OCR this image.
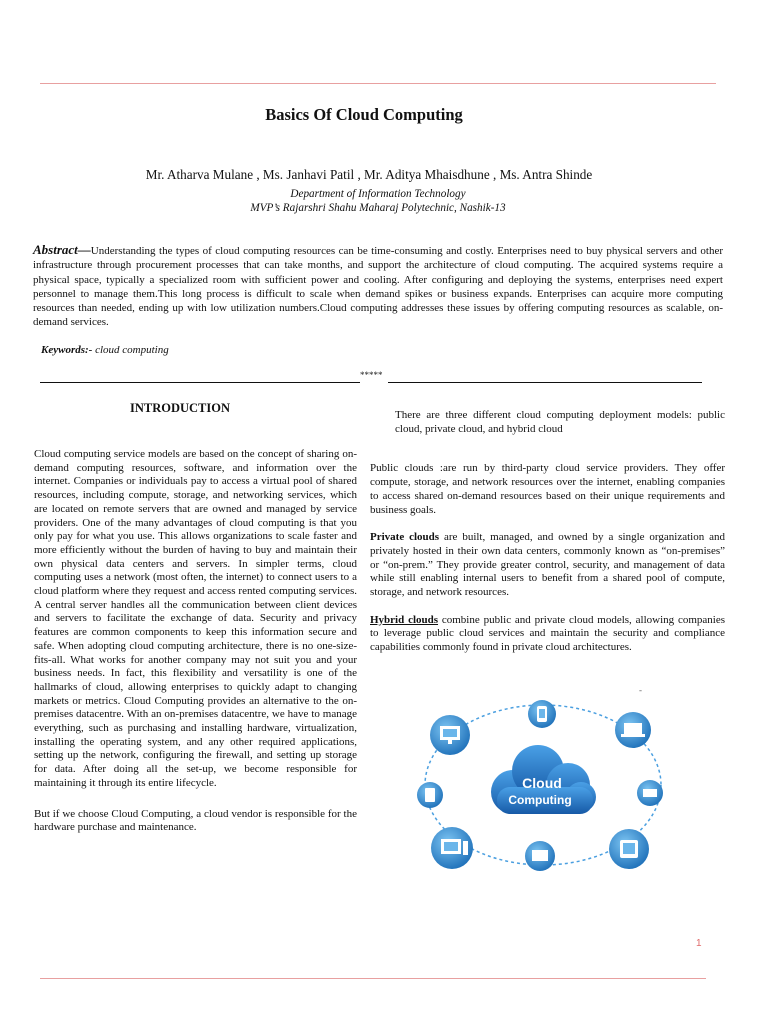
Basics Of Cloud Computing
Mr. Atharva Mulane , Ms. Janhavi Patil , Mr. Aditya Mhaisdhune , Ms. Antra Shinde
Department of Information Technology
MVP’s Rajarshri Shahu Maharaj Polytechnic, Nashik-13
Abstract—Understanding the types of cloud computing resources can be time-consuming and costly. Enterprises need to buy physical servers and other infrastructure through procurement processes that can take months, and support the architecture of cloud computing. The acquired systems require a physical space, typically a specialized room with sufficient power and cooling. After configuring and deploying the systems, enterprises need expert personnel to manage them.This long process is difficult to scale when demand spikes or business expands. Enterprises can acquire more computing resources than needed, ending up with low utilization numbers.Cloud computing addresses these issues by offering computing resources as scalable, on-demand services.
Keywords:- cloud computing
*****
INTRODUCTION

Cloud computing service models are based on the concept of sharing on-demand computing resources, software, and information over the internet. Companies or individuals pay to access a virtual pool of shared resources, including compute, storage, and networking services, which are located on remote servers that are owned and managed by service providers. One of the many advantages of cloud computing is that you only pay for what you use. This allows organizations to scale faster and more efficiently without the burden of having to buy and maintain their own physical data centers and servers. In simpler terms, cloud computing uses a network (most often, the internet) to connect users to a cloud platform where they request and access rented computing services. A central server handles all the communication between client devices and servers to facilitate the exchange of data. Security and privacy features are common components to keep this information secure and safe. When adopting cloud computing architecture, there is no one-size-fits-all. What works for another company may not suit you and your business needs. In fact, this flexibility and versatility is one of the hallmarks of cloud, allowing enterprises to quickly adapt to changing markets or metrics. Cloud Computing provides an alternative to the on-premises datacentre. With an on-premises datacentre, we have to manage everything, such as purchasing and installing hardware, virtualization, installing the operating system, and any other required applications, setting up the network, configuring the firewall, and setting up storage for data. After doing all the set-up, we become responsible for maintaining it through its entire lifecycle.

But if we choose Cloud Computing, a cloud vendor is responsible for the hardware purchase and maintenance.

There are three different cloud computing deployment models: public cloud, private cloud, and hybrid cloud

Public clouds :are run by third-party cloud service providers. They offer compute, storage, and network resources over the internet, enabling companies to access shared on-demand resources based on their unique requirements and business goals.

Private clouds are built, managed, and owned by a single organization and privately hosted in their own data centers, commonly known as “on-premises” or “on-prem.” They provide greater control, security, and management of data while still enabling internal users to benefit from a shared pool of compute, storage, and network resources.

Hybrid clouds combine public and private cloud models, allowing companies to leverage public cloud services and maintain the security and compliance capabilities commonly found in private cloud architectures.

-
Cloud
Computing
1
